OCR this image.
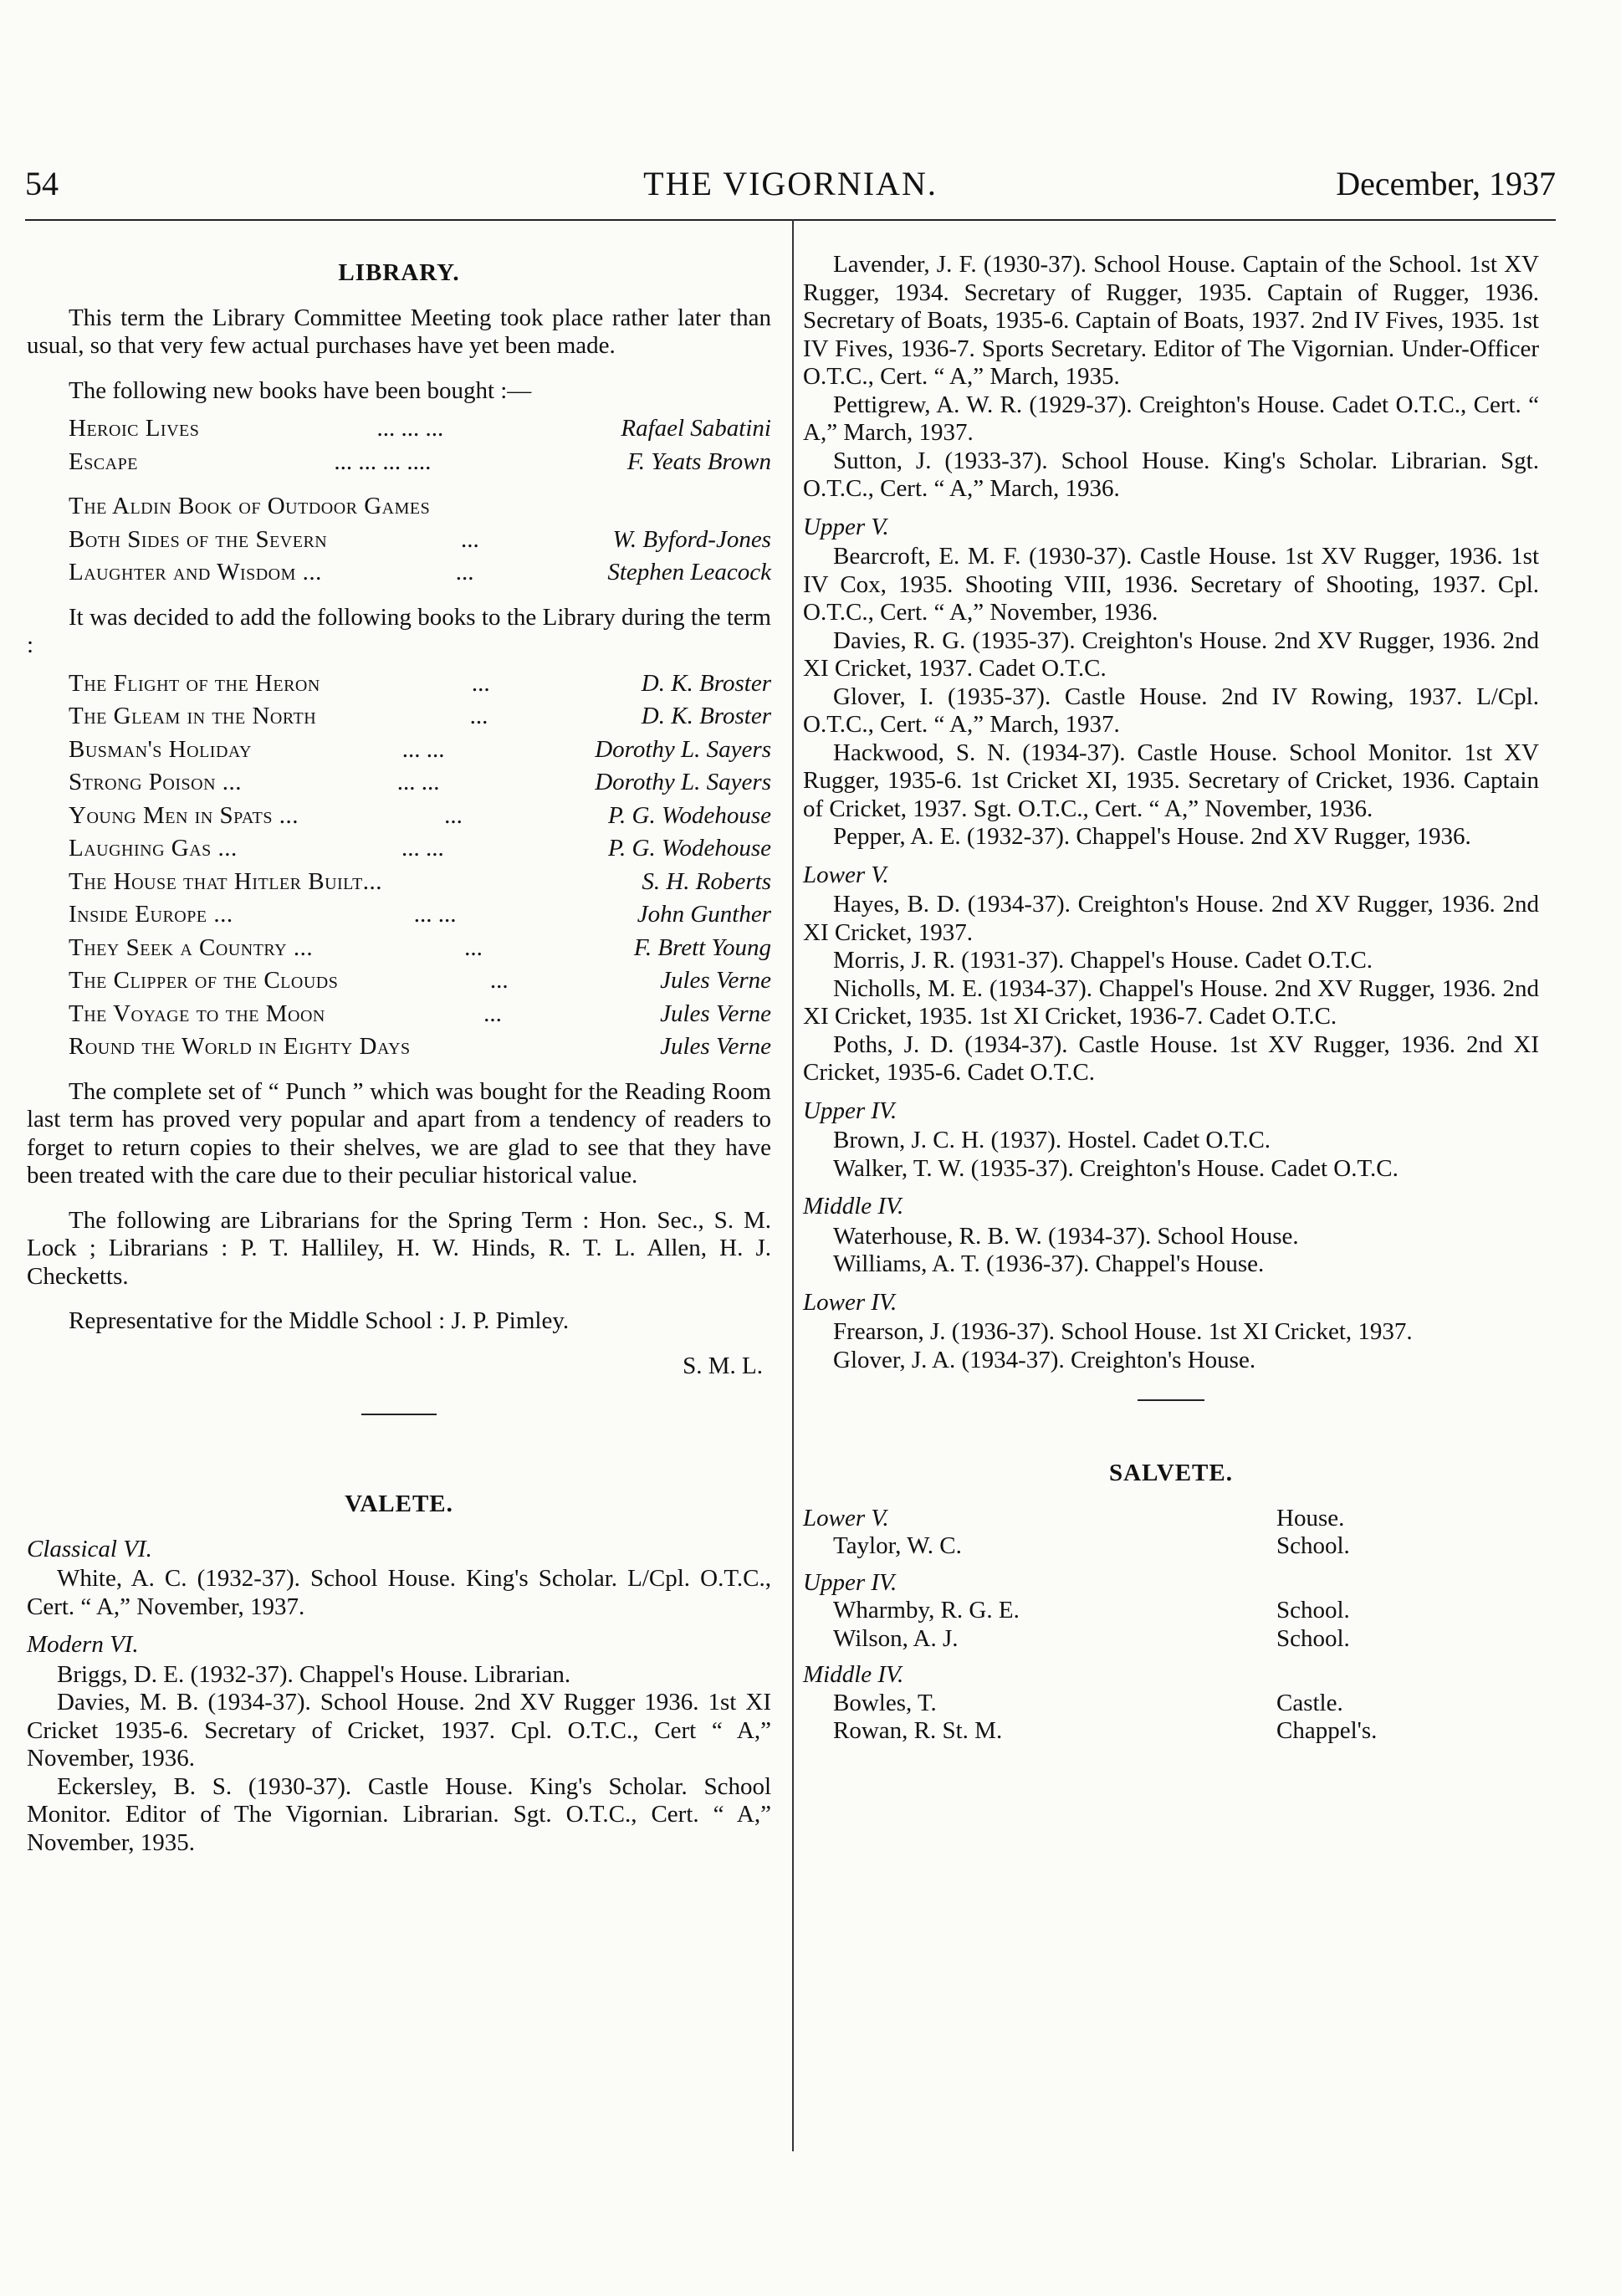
54	THE VIGORNIAN.	December, 1937
LIBRARY.

This term the Library Committee Meeting took place rather later than usual, so that very few actual purchases have yet been made.

The following new books have been bought :—

Heroic Lives	... ... ...	Rafael Sabatini
Escape	... ... ... ....	F. Yeats Brown
The Aldin Book of Outdoor Games
Both Sides of the Severn	...	W. Byford-Jones
Laughter and Wisdom ...	...	Stephen Leacock

It was decided to add the following books to the Library during the term :

The Flight of the Heron	...	D. K. Broster
The Gleam in the North	...	D. K. Broster
Busman's Holiday	... ...	Dorothy L. Sayers
Strong Poison ...	... ...	Dorothy L. Sayers
Young Men in Spats ...	...	P. G. Wodehouse
Laughing Gas ...	... ...	P. G. Wodehouse
The House that Hitler Built...	S. H. Roberts
Inside Europe ...	... ...	John Gunther
They Seek a Country ...	...	F. Brett Young
The Clipper of the Clouds	...	Jules Verne
The Voyage to the Moon	...	Jules Verne
Round the World in Eighty Days	Jules Verne

The complete set of “ Punch ” which was bought for the Reading Room last term has proved very popular and apart from a tendency of readers to forget to return copies to their shelves, we are glad to see that they have been treated with the care due to their peculiar historical value.

The following are Librarians for the Spring Term : Hon. Sec., S. M. Lock ; Librarians : P. T. Halliley, H. W. Hinds, R. T. L. Allen, H. J. Checketts.

Representative for the Middle School : J. P. Pimley.

S. M. L.
VALETE.
Classical VI.

White, A. C. (1932-37). School House. King's Scholar. L/Cpl. O.T.C., Cert. “ A,” November, 1937.

Modern VI.

Briggs, D. E. (1932-37). Chappel's House. Librarian.

Davies, M. B. (1934-37). School House. 2nd XV Rugger 1936. 1st XI Cricket 1935-6. Secretary of Cricket, 1937. Cpl. O.T.C., Cert “ A,” November, 1936.

Eckersley, B. S. (1930-37). Castle House. King's Scholar. School Monitor. Editor of The Vigornian. Librarian. Sgt. O.T.C., Cert. “ A,” November, 1935.

Lavender, J. F. (1930-37). School House. Captain of the School. 1st XV Rugger, 1934. Secretary of Rugger, 1935. Captain of Rugger, 1936. Secretary of Boats, 1935-6. Captain of Boats, 1937. 2nd IV Fives, 1935. 1st IV Fives, 1936-7. Sports Secretary. Editor of The Vigornian. Under-Officer O.T.C., Cert. “ A,” March, 1935.

Pettigrew, A. W. R. (1929-37). Creighton's House. Cadet O.T.C., Cert. “ A,” March, 1937.

Sutton, J. (1933-37). School House. King's Scholar. Librarian. Sgt. O.T.C., Cert. “ A,” March, 1936.

Upper V.

Bearcroft, E. M. F. (1930-37). Castle House. 1st XV Rugger, 1936. 1st IV Cox, 1935. Shooting VIII, 1936. Secretary of Shooting, 1937. Cpl. O.T.C., Cert. “ A,” November, 1936.

Davies, R. G. (1935-37). Creighton's House. 2nd XV Rugger, 1936. 2nd XI Cricket, 1937. Cadet O.T.C.

Glover, I. (1935-37). Castle House. 2nd IV Rowing, 1937. L/Cpl. O.T.C., Cert. “ A,” March, 1937.

Hackwood, S. N. (1934-37). Castle House. School Monitor. 1st XV Rugger, 1935-6. 1st Cricket XI, 1935. Secretary of Cricket, 1936. Captain of Cricket, 1937. Sgt. O.T.C., Cert. “ A,” November, 1936.

Pepper, A. E. (1932-37). Chappel's House. 2nd XV Rugger, 1936.

Lower V.

Hayes, B. D. (1934-37). Creighton's House. 2nd XV Rugger, 1936. 2nd XI Cricket, 1937.

Morris, J. R. (1931-37). Chappel's House. Cadet O.T.C.

Nicholls, M. E. (1934-37). Chappel's House. 2nd XV Rugger, 1936. 2nd XI Cricket, 1935. 1st XI Cricket, 1936-7. Cadet O.T.C.

Poths, J. D. (1934-37). Castle House. 1st XV Rugger, 1936. 2nd XI Cricket, 1935-6. Cadet O.T.C.

Upper IV.

Brown, J. C. H. (1937). Hostel. Cadet O.T.C.

Walker, T. W. (1935-37). Creighton's House. Cadet O.T.C.

Middle IV.

Waterhouse, R. B. W. (1934-37). School House.

Williams, A. T. (1936-37). Chappel's House.

Lower IV.

Frearson, J. (1936-37). School House. 1st XI Cricket, 1937.

Glover, J. A. (1934-37). Creighton's House.

SALVETE.
Lower V.	House.
Taylor, W. C.	School.
Upper IV.
Wharmby, R. G. E.	School.
Wilson, A. J.	School.
Middle IV.
Bowles, T.	Castle.
Rowan, R. St. M.	Chappel's.
